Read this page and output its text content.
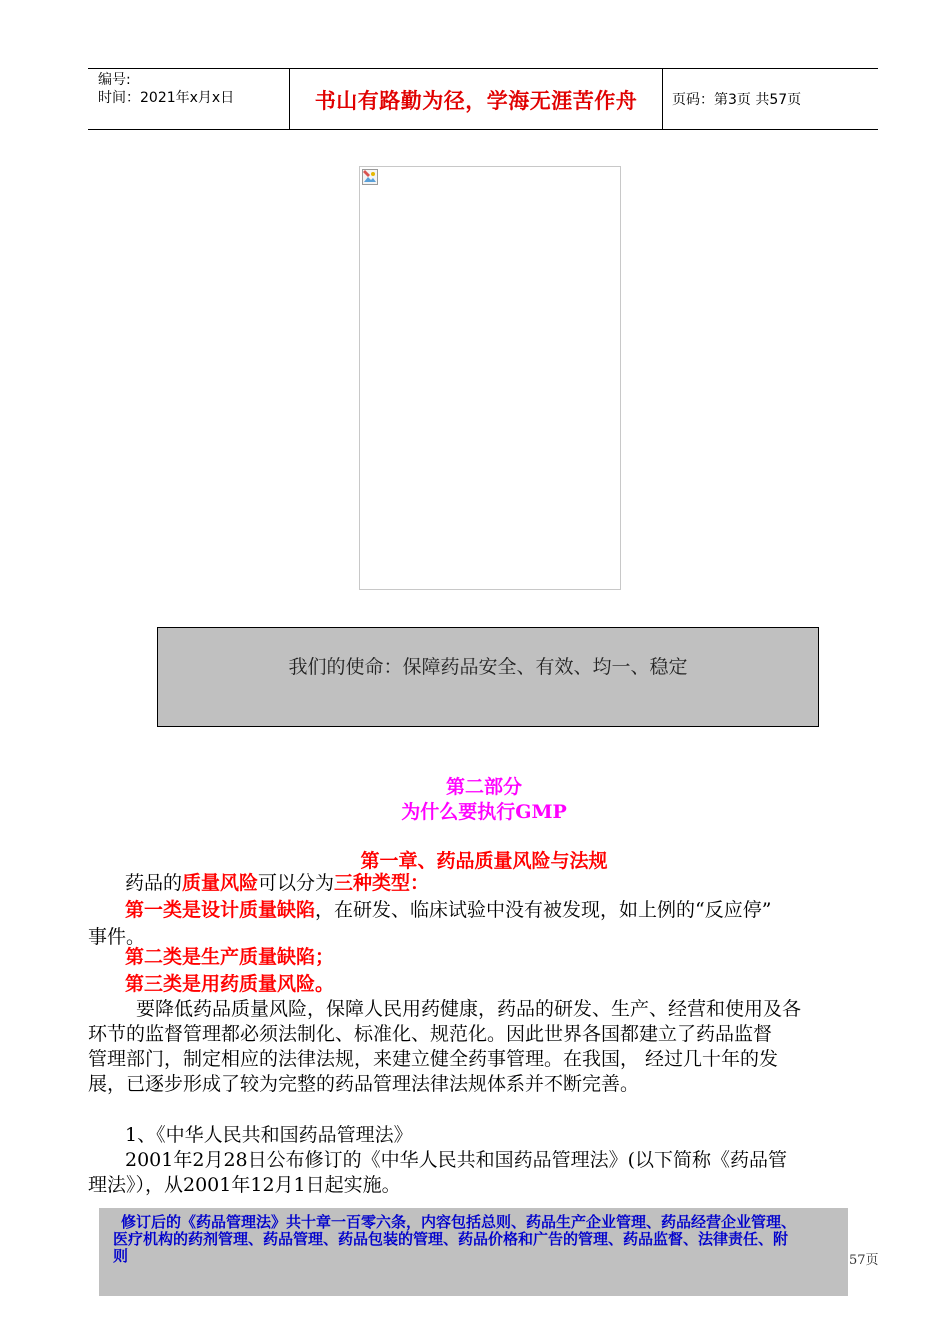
编号:
时间：2021年x月x日	书山有路勤为径，学海无涯苦作舟	页码：第3页 共57页
我们的使命：保障药品安全、有效、均一、稳定
第二部分
为什么要执行GMP
第一章、药品质量风险与法规
药品的质量风险可以分为三种类型：
第一类是设计质量缺陷，在研发、临床试验中没有被发现，如上例的“反应停”
事件。
第二类是生产质量缺陷；
第三类是用药质量风险。
要降低药品质量风险，保障人民用药健康，药品的研发、生产、经营和使用及各
环节的监督管理都必须法制化、标准化、规范化。因此世界各国都建立了药品监督
管理部门，制定相应的法律法规，来建立健全药事管理。在我国， 经过几十年的发
展，已逐步形成了较为完整的药品管理法律法规体系并不断完善。
1、《中华人民共和国药品管理法》
2001年2月28日公布修订的《中华人民共和国药品管理法》(以下简称《药品管
理法》），从2001年12月1日起实施。
修订后的《药品管理法》共十章一百零六条，内容包括总则、药品生产企业管理、药品经营企业管理、
医疗机构的药剂管理、药品管理、药品包装的管理、药品价格和广告的管理、药品监督、法律责任、附
则	57页
